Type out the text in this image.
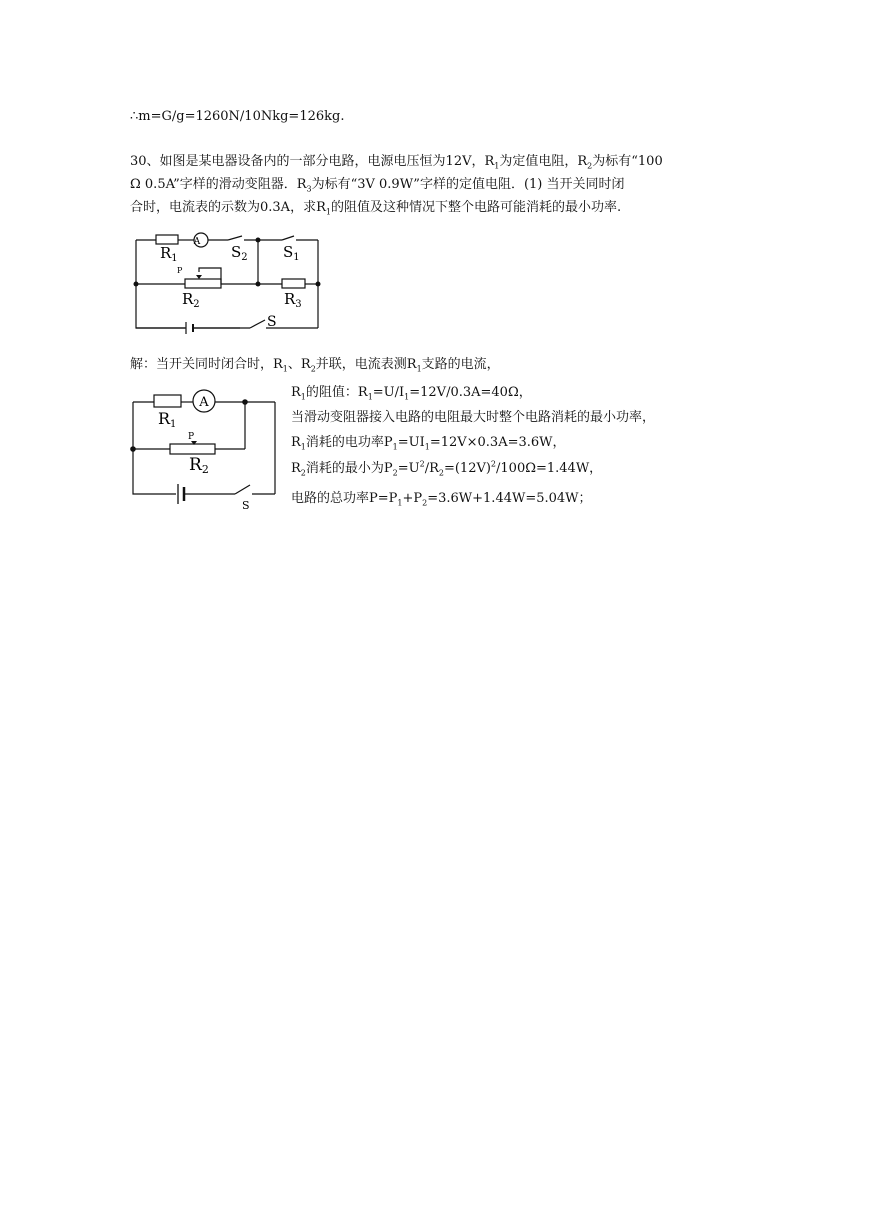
∴m=G/g=1260N/10Nkg=126kg.
30、如图是某电器设备内的一部分电路，电源电压恒为12V，$R_1$为定值电阻，$R_2$为标有“100
Ω 0.5A”字样的滑动变阻器．$R_3$为标有“3V 0.9W”字样的定值电阻．(1) 当开关同时闭
合时，电流表的示数为0.3A，求$R_1$的阻值及这种情况下整个电路可能消耗的最小功率.
$R_1$
A
$S_2$ $S_1$
P
$R_2$	$R_3$
S
解：当开关同时闭合时，$R_1$、$R_2$并联，电流表测$R_1$支路的电流，
R1
A
P
R2
S
$R_1$的阻值：$R_1=U/I_1=12V/0.3A=40\Omega$，
当滑动变阻器接入电路的电阻最大时整个电路消耗的最小功率，
$R_1$消耗的电功率$P_1=UI_1=12V\times 0.3A=3.6W$，
$R_2$消耗的最小为$P_2=U^2/R_2=(12V)^2/100\Omega=1.44W$，
电路的总功率$P=P_1+P_2=3.6W+1.44W=5.04W$；
